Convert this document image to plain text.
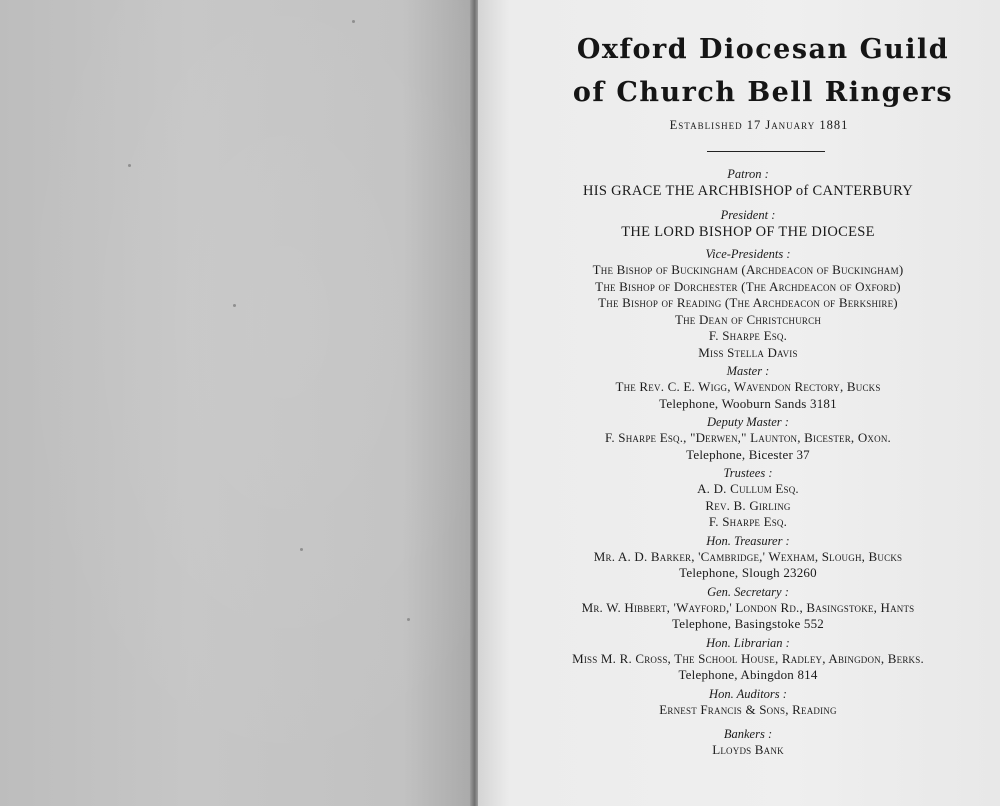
Oxford Diocesan Guild
of Church Bell Ringers
Established 17 January 1881
Patron :
HIS GRACE THE ARCHBISHOP of CANTERBURY
President :
THE LORD BISHOP OF THE DIOCESE
Vice-Presidents :
The Bishop of Buckingham (Archdeacon of Buckingham)
The Bishop of Dorchester (The Archdeacon of Oxford)
The Bishop of Reading (The Archdeacon of Berkshire)
The Dean of Christchurch
F. Sharpe Esq.
Miss Stella Davis
Master :
The Rev. C. E. Wigg, Wavendon Rectory, Bucks
Telephone, Wooburn Sands 3181
Deputy Master :
F. Sharpe Esq., "Derwen," Launton, Bicester, Oxon.
Telephone, Bicester 37
Trustees :
A. D. Cullum Esq.
Rev. B. Girling
F. Sharpe Esq.
Hon. Treasurer :
Mr. A. D. Barker, 'Cambridge,' Wexham, Slough, Bucks
Telephone, Slough 23260
Gen. Secretary :
Mr. W. Hibbert, 'Wayford,' London Rd., Basingstoke, Hants
Telephone, Basingstoke 552
Hon. Librarian :
Miss M. R. Cross, The School House, Radley, Abingdon, Berks.
Telephone, Abingdon 814
Hon. Auditors :
Ernest Francis & Sons, Reading
Bankers :
Lloyds Bank
